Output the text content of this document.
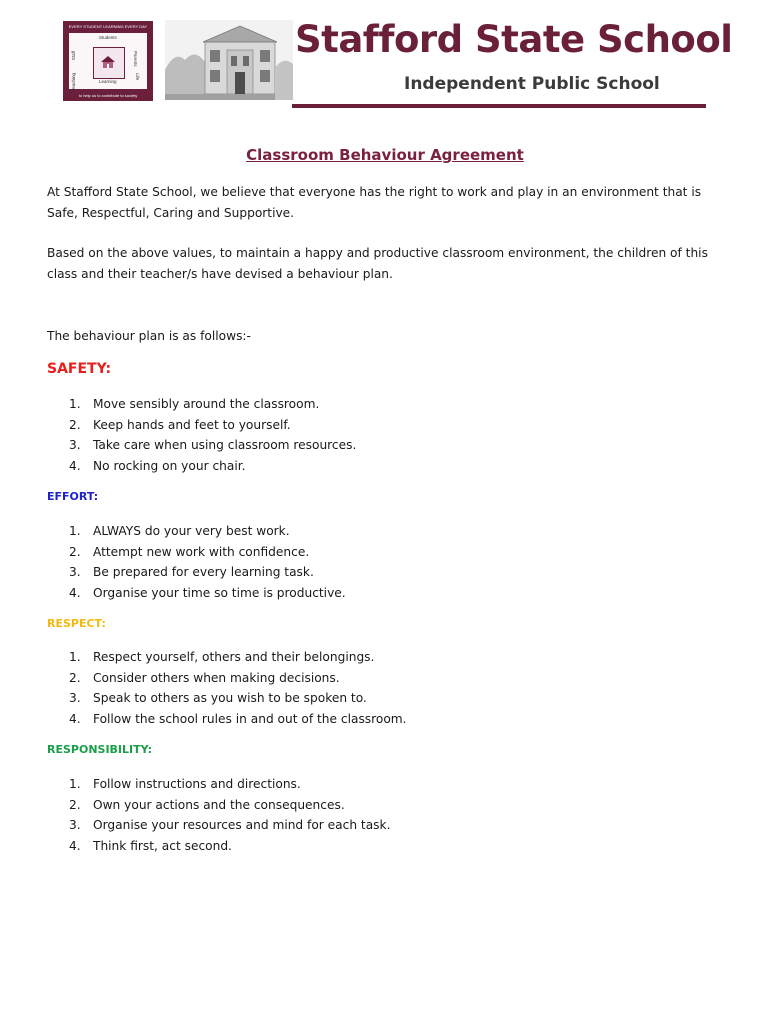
EVERY STUDENT LEARNING EVERY DAY
Students
Parents
Staff
Learning
Teaching	Life
to help us to contribute to society
Stafford State School
Independent Public School
Classroom Behaviour Agreement
At Stafford State School, we believe that everyone has the right to work and play in an environment that is Safe, Respectful, Caring and Supportive.
Based on the above values, to maintain a happy and productive classroom environment, the children of this class and their teacher/s have devised a behaviour plan.
The behaviour plan is as follows:-
SAFETY:
1.	Move sensibly around the classroom.
2.	Keep hands and feet to yourself.
3.	Take care when using classroom resources.
4.	No rocking on your chair.
EFFORT:
1.	ALWAYS do your very best work.
2.	Attempt new work with confidence.
3.	Be prepared for every learning task.
4.	Organise your time so time is productive.
RESPECT:
1.	Respect yourself, others and their belongings.
2.	Consider others when making decisions.
3.	Speak to others as you wish to be spoken to.
4.	Follow the school rules in and out of the classroom.
RESPONSIBILITY:
1.	Follow instructions and directions.
2.	Own your actions and the consequences.
3.	Organise your resources and mind for each task.
4.	Think first, act second.
